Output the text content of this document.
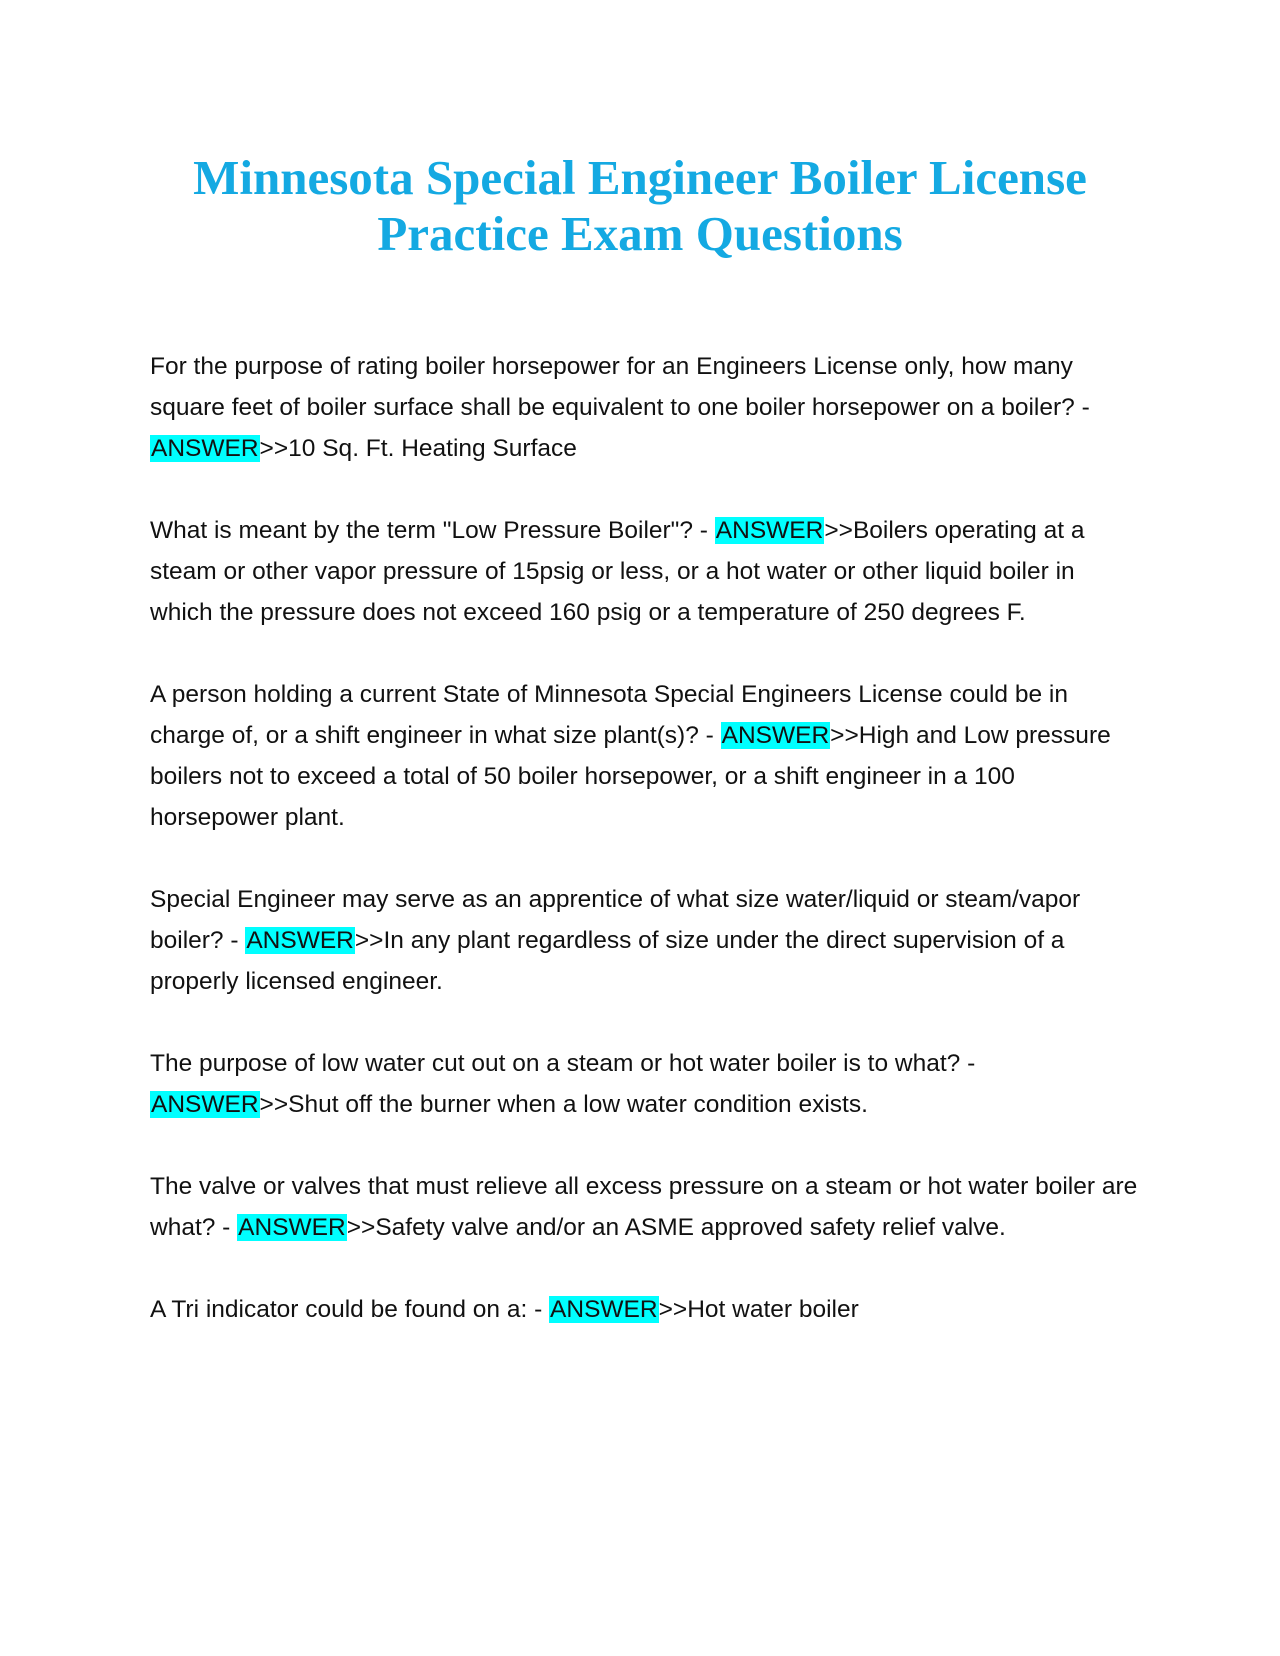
Minnesota Special Engineer Boiler License
Practice Exam Questions

For the purpose of rating boiler horsepower for an Engineers License only, how many square feet of boiler surface shall be equivalent to one boiler horsepower on a boiler? - ANSWER>>10 Sq. Ft. Heating Surface

What is meant by the term "Low Pressure Boiler"? - ANSWER>>Boilers operating at a steam or other vapor pressure of 15psig or less, or a hot water or other liquid boiler in which the pressure does not exceed 160 psig or a temperature of 250 degrees F.

A person holding a current State of Minnesota Special Engineers License could be in charge of, or a shift engineer in what size plant(s)? - ANSWER>>High and Low pressure boilers not to exceed a total of 50 boiler horsepower, or a shift engineer in a 100 horsepower plant.

Special Engineer may serve as an apprentice of what size water/liquid or steam/vapor boiler? - ANSWER>>In any plant regardless of size under the direct supervision of a properly licensed engineer.

The purpose of low water cut out on a steam or hot water boiler is to what? - ANSWER>>Shut off the burner when a low water condition exists.

The valve or valves that must relieve all excess pressure on a steam or hot water boiler are what? - ANSWER>>Safety valve and/or an ASME approved safety relief valve.

A Tri indicator could be found on a: - ANSWER>>Hot water boiler
